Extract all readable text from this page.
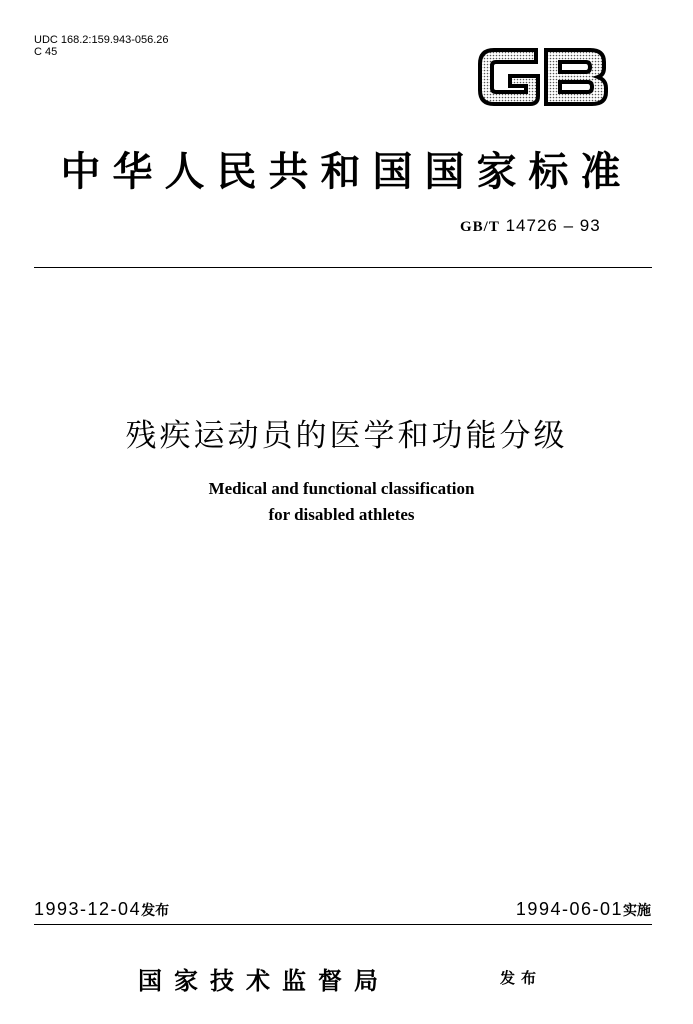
UDC 168.2:159.943-056.26
C 45
中华人民共和国国家标准
GB/T 14726 – 93
残疾运动员的医学和功能分级
Medical and functional classification
for disabled athletes
1993-12-04发布	1994-06-01实施
国家技术监督局	发布
